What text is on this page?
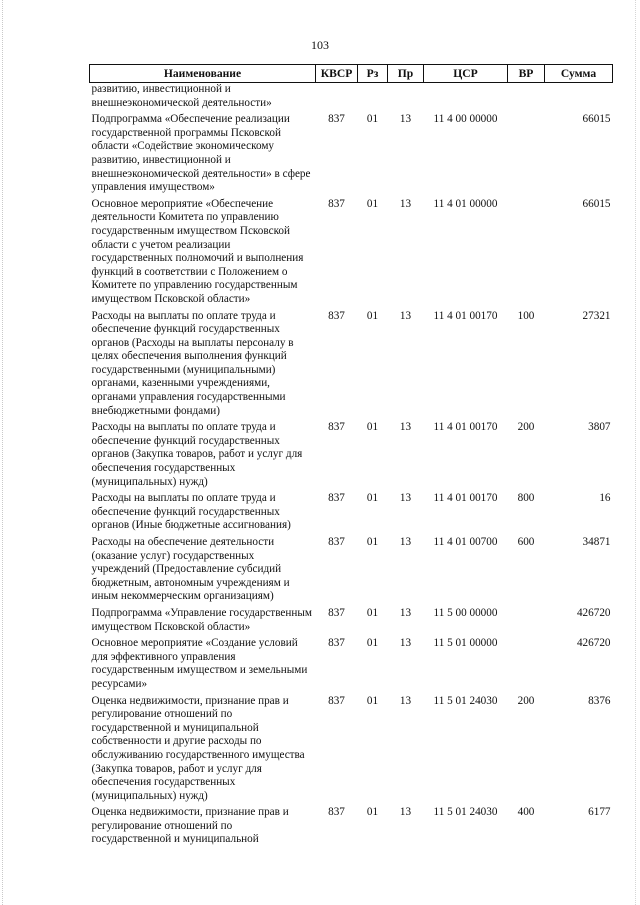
103
Наименование	КВСР	Рз	Пр	ЦСР	ВР	Сумма
развитию, инвестиционной и внешнеэкономической деятельности»						
Подпрограмма «Обеспечение реализации государственной программы Псковской области «Содействие экономическому развитию, инвестиционной и внешнеэкономической деятельности» в сфере управления имуществом»	837	01	13	11 4 00 00000		66015
Основное мероприятие «Обеспечение деятельности Комитета по управлению государственным имуществом Псковской области с учетом реализации государственных полномочий и выполнения функций в соответствии с Положением о Комитете по управлению государственным имуществом Псковской области»	837	01	13	11 4 01 00000		66015
Расходы на выплаты по оплате труда и обеспечение функций государственных органов (Расходы на выплаты персоналу в целях обеспечения выполнения функций государственными (муниципальными) органами, казенными учреждениями, органами управления государственными внебюджетными фондами)	837	01	13	11 4 01 00170	100	27321
Расходы на выплаты по оплате труда и обеспечение функций государственных органов (Закупка товаров, работ и услуг для обеспечения государственных (муниципальных) нужд)	837	01	13	11 4 01 00170	200	3807
Расходы на выплаты по оплате труда и обеспечение функций государственных органов (Иные бюджетные ассигнования)	837	01	13	11 4 01 00170	800	16
Расходы на обеспечение деятельности (оказание услуг) государственных учреждений (Предоставление субсидий бюджетным, автономным учреждениям и иным некоммерческим организациям)	837	01	13	11 4 01 00700	600	34871
Подпрограмма «Управление государственным имуществом Псковской области»	837	01	13	11 5 00 00000		426720
Основное мероприятие «Создание условий для эффективного управления государственным имуществом и земельными ресурсами»	837	01	13	11 5 01 00000		426720
Оценка недвижимости, признание прав и регулирование отношений по государственной и муниципальной собственности и другие расходы по обслуживанию государственного имущества (Закупка товаров, работ и услуг для обеспечения государственных (муниципальных) нужд)	837	01	13	11 5 01 24030	200	8376
Оценка недвижимости, признание прав и регулирование отношений по государственной и муниципальной	837	01	13	11 5 01 24030	400	6177
